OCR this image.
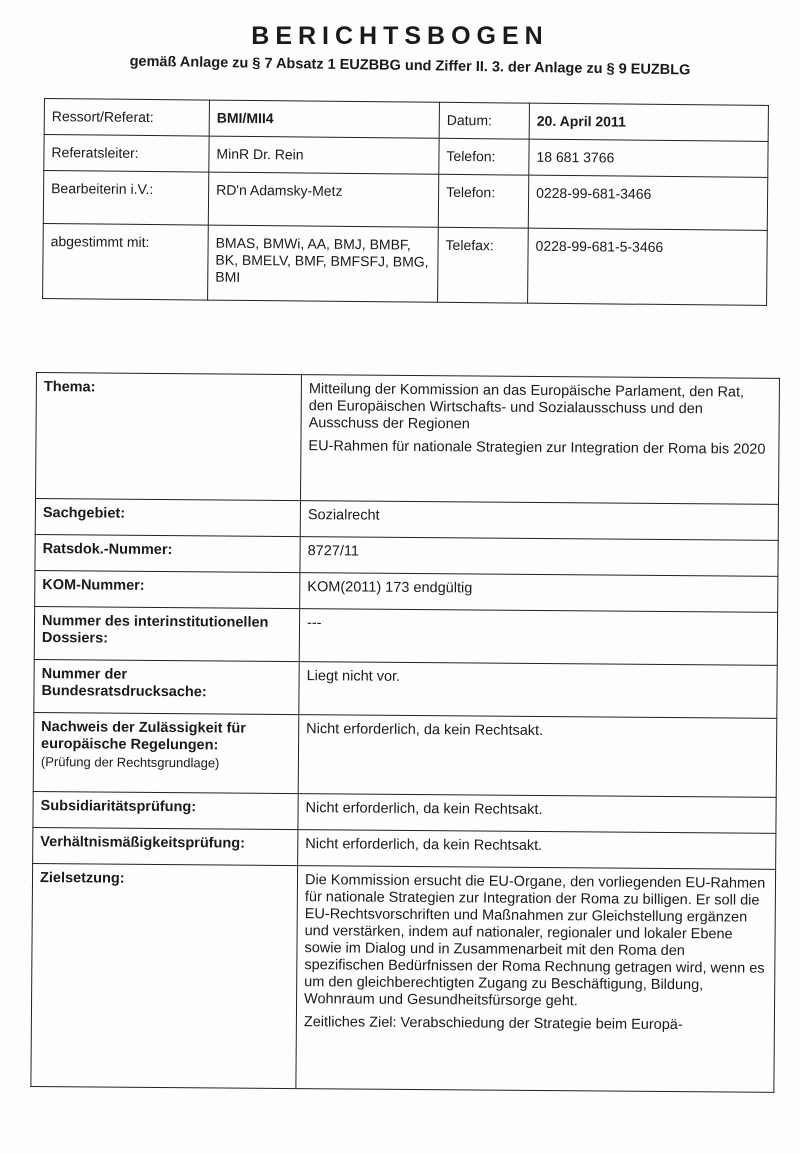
BERICHTSBOGEN
gemäß Anlage zu § 7 Absatz 1 EUZBBG und Ziffer II. 3. der Anlage zu § 9 EUZBLG
Ressort/Referat:	BMI/MII4	Datum:	20. April 2011
Referatsleiter:	MinR Dr. Rein	Telefon:	18 681 3766
Bearbeiterin i.V.:	RD'n Adamsky-Metz	Telefon:	0228-99-681-3466
abgestimmt mit:	BMAS, BMWi, AA, BMJ, BMBF, BK, BMELV, BMF, BMFSFJ, BMG, BMI	Telefax:	0228-99-681-5-3466
Thema:	Mitteilung der Kommission an das Europäische Parlament, den Rat, den Europäischen Wirtschafts- und Sozialausschuss und den Ausschuss der Regionen

EU-Rahmen für nationale Strategien zur Integration der Roma bis 2020

Sachgebiet:	Sozialrecht
Ratsdok.-Nummer:	8727/11
KOM-Nummer:	KOM(2011) 173 endgültig
Nummer des interinstitutionellen Dossiers:	---
Nummer der Bundesratsdrucksache:	Liegt nicht vor.

Nachweis der Zulässigkeit für europäische Regelungen:
(Prüfung der Rechtsgrundlage)	Nicht erforderlich, da kein Rechtsakt.
Subsidiaritätsprüfung:	Nicht erforderlich, da kein Rechtsakt.
Verhältnismäßigkeitsprüfung:	Nicht erforderlich, da kein Rechtsakt.
Zielsetzung:	Die Kommission ersucht die EU-Organe, den vorliegenden EU-Rahmen für nationale Strategien zur Integration der Roma zu billigen. Er soll die EU-Rechtsvorschriften und Maßnahmen zur Gleichstellung ergänzen und verstärken, indem auf nationaler, regionaler und lokaler Ebene sowie im Dialog und in Zusammenarbeit mit den Roma den spezifischen Bedürfnissen der Roma Rechnung getragen wird, wenn es um den gleichberechtigten Zugang zu Beschäftigung, Bildung, Wohnraum und Gesundheitsfürsorge geht.

Zeitliches Ziel: Verabschiedung der Strategie beim Europä-
